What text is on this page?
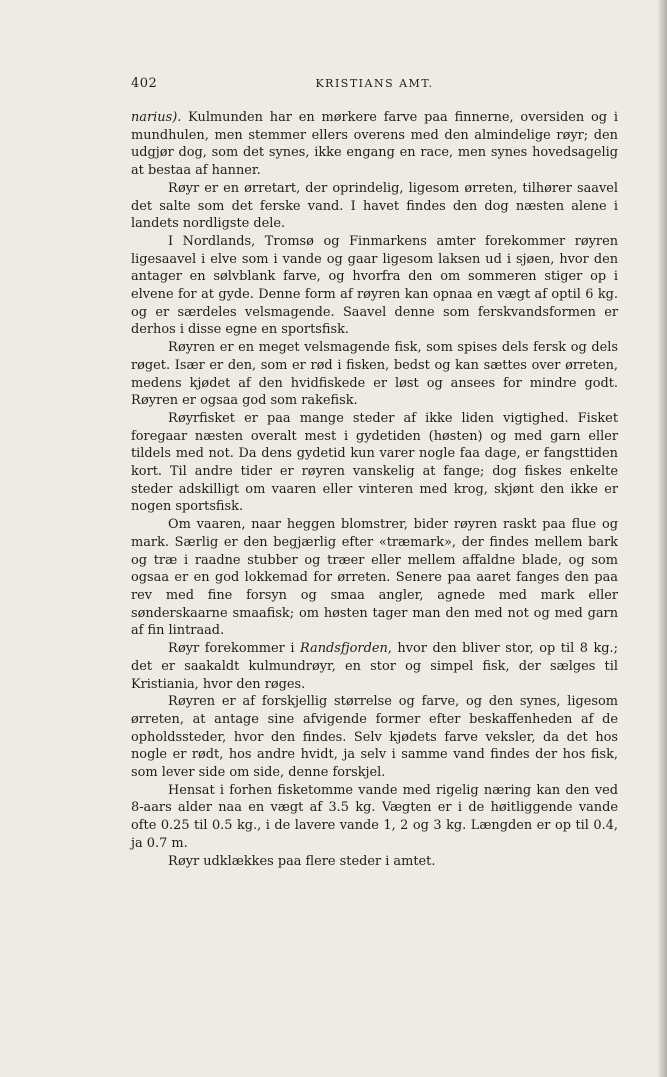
402	KRISTIANS AMT.

narius). Kulmunden har en mørkere farve paa finnerne, oversiden og i mundhulen, men stemmer ellers overens med den almindelige røyr; den udgjør dog, som det synes, ikke engang en race, men synes hovedsagelig at bestaa af hanner.

Røyr er en ørretart, der oprindelig, ligesom ørreten, tilhører saavel det salte som det ferske vand. I havet findes den dog næsten alene i landets nordligste dele.

I Nordlands, Tromsø og Finmarkens amter forekommer røyren ligesaavel i elve som i vande og gaar ligesom laksen ud i sjøen, hvor den antager en sølvblank farve, og hvorfra den om sommeren stiger op i elvene for at gyde. Denne form af røyren kan opnaa en vægt af optil 6 kg. og er særdeles velsmagende. Saavel denne som ferskvandsformen er derhos i disse egne en sportsfisk.

Røyren er en meget velsmagende fisk, som spises dels fersk og dels røget. Især er den, som er rød i fisken, bedst og kan sættes over ørreten, medens kjødet af den hvidfiskede er løst og ansees for mindre godt. Røyren er ogsaa god som rakefisk.

Røyrfisket er paa mange steder af ikke liden vigtighed. Fisket foregaar næsten overalt mest i gydetiden (høsten) og med garn eller tildels med not. Da dens gydetid kun varer nogle faa dage, er fangsttiden kort. Til andre tider er røyren vanskelig at fange; dog fiskes enkelte steder adskilligt om vaaren eller vinteren med krog, skjønt den ikke er nogen sportsfisk.

Om vaaren, naar heggen blomstrer, bider røyren raskt paa flue og mark. Særlig er den begjærlig efter «træmark», der findes mellem bark og træ i raadne stubber og træer eller mellem affaldne blade, og som ogsaa er en god lokkemad for ørreten. Senere paa aaret fanges den paa rev med fine forsyn og smaa angler, agnede med mark eller sønderskaarne smaafisk; om høsten tager man den med not og med garn af fin lintraad.

Røyr forekommer i Randsfjorden, hvor den bliver stor, op til 8 kg.; det er saakaldt kulmundrøyr, en stor og simpel fisk, der sælges til Kristiania, hvor den røges.

Røyren er af forskjellig størrelse og farve, og den synes, ligesom ørreten, at antage sine afvigende former efter beskaffenheden af de opholdssteder, hvor den findes. Selv kjødets farve veksler, da det hos nogle er rødt, hos andre hvidt, ja selv i samme vand findes der hos fisk, som lever side om side, denne forskjel.

Hensat i forhen fisketomme vande med rigelig næring kan den ved 8-aars alder naa en vægt af 3.5 kg. Vægten er i de høitliggende vande ofte 0.25 til 0.5 kg., i de lavere vande 1, 2 og 3 kg. Længden er op til 0.4, ja 0.7 m.

Røyr udklækkes paa flere steder i amtet.
